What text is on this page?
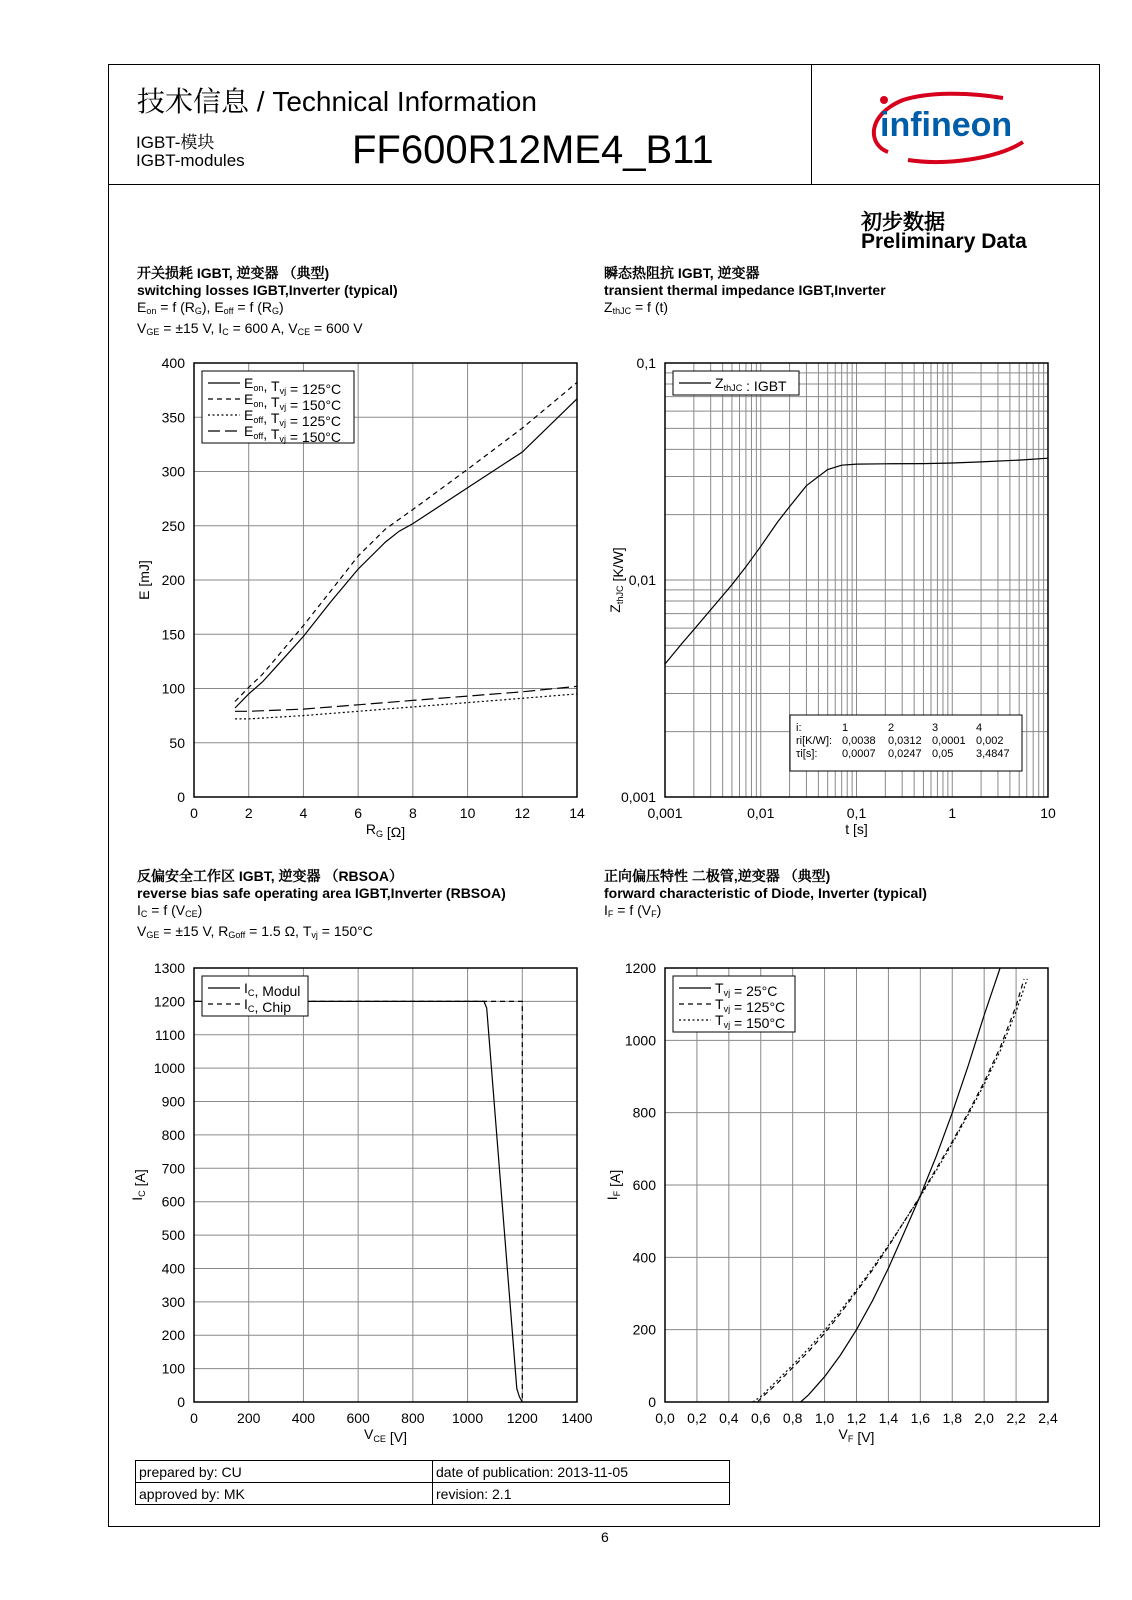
技术信息 / Technical Information
IGBT-模块
IGBT-modules	FF600R12ME4_B11
infineon
初步数据
Preliminary Data
开关损耗 IGBT, 逆变器 （典型)
switching losses IGBT,Inverter (typical)
$E_{on} = f$ $(R_G)$, $E_{off} = f$ $(R_G)$
$V_{GE} = \pm 15$ V, $I_C = 600$ A, $V_{CE} = 600$ V
瞬态热阻抗 IGBT, 逆变器
transient thermal impedance IGBT,Inverter
$Z_{thJC} = f$ (t)
反偏安全工作区 IGBT, 逆变器 （RBSOA）
reverse bias safe operating area IGBT,Inverter (RBSOA)
$I_C = f$ $(V_{CE})$
$V_{GE} = \pm 15$ V, $R_{Goff} = 1.5$ Ω, $T_{vj} = 150^\circ C$
正向偏压特性 二极管,逆变器 （典型)
forward characteristic of Diode, Inverter (typical)
$I_F = f$ $(V_F)$
0	2	4	6	8	10	12	14
0
50
100
150
200
250
300
350
400
$E_{on}$, $T_{vj} = 125^\circ C$
$E_{on}$, $T_{vj} = 150^\circ C$
$E_{off}$, $T_{vj} = 125^\circ C$
$E_{off}$, $T_{vj} = 150^\circ C$
$R_G$ [Ω]
E [mJ]
0,001	0,01	0,1	1	10
0,001
0,01
0,1
$Z_{thJC}$ : IGBT
i:	1	2	3	4
ri[K/W]: 0,0038 0,0312 0,0001 0,002
τi[s]: 0,0007 0,0247 0,05 3,4847
t [s]
$Z_{thJC}$ [K/W]
0	200 400 600 800 1000 1200 1400
0
100
200
300
400
500
600
700
800
900
1000
1100
1200
1300
$I_C$, Modul
$I_C$, Chip
$V_{CE}$ [V]
$I_C$ [A]
0,0 0,2 0,4 0,6 0,8 1,0 1,2 1,4 1,6 1,8 2,0 2,2 2,4
0
200
400
600
800
1000
1200
$T_{vj} = 25^\circ C$
$T_{vj} = 125^\circ C$
$T_{vj} = 150^\circ C$
$V_F$ [V]
$I_F$ [A]
prepared by: CU	date of publication: 2013-11-05
approved by: MK	revision: 2.1
6
